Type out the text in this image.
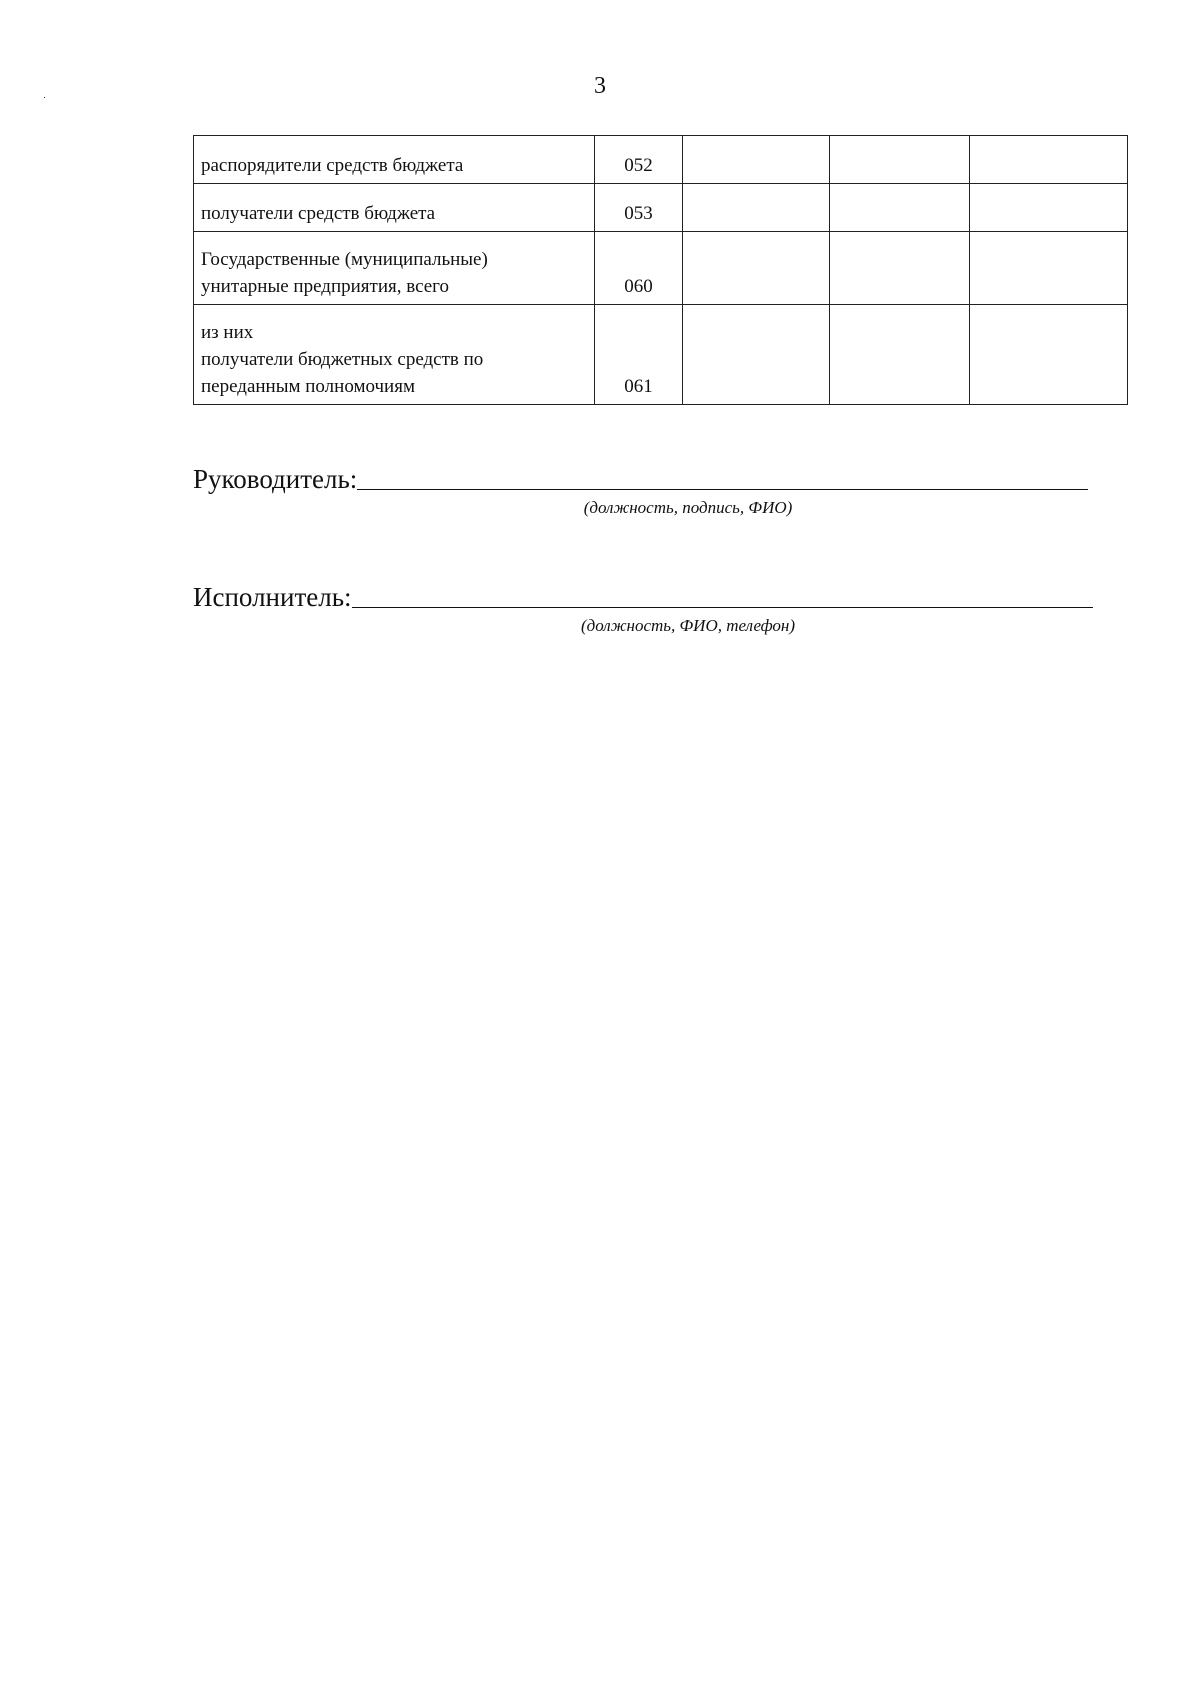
3
распорядители средств бюджета	052			

получатели средств бюджета	053			

Государственные (муниципальные)
унитарные предприятия, всего	060			

из них
получатели бюджетных средств по
переданным полномочиям	061			
Руководитель:
(должность, подпись, ФИО)
Исполнитель:
(должность, ФИО, телефон)
